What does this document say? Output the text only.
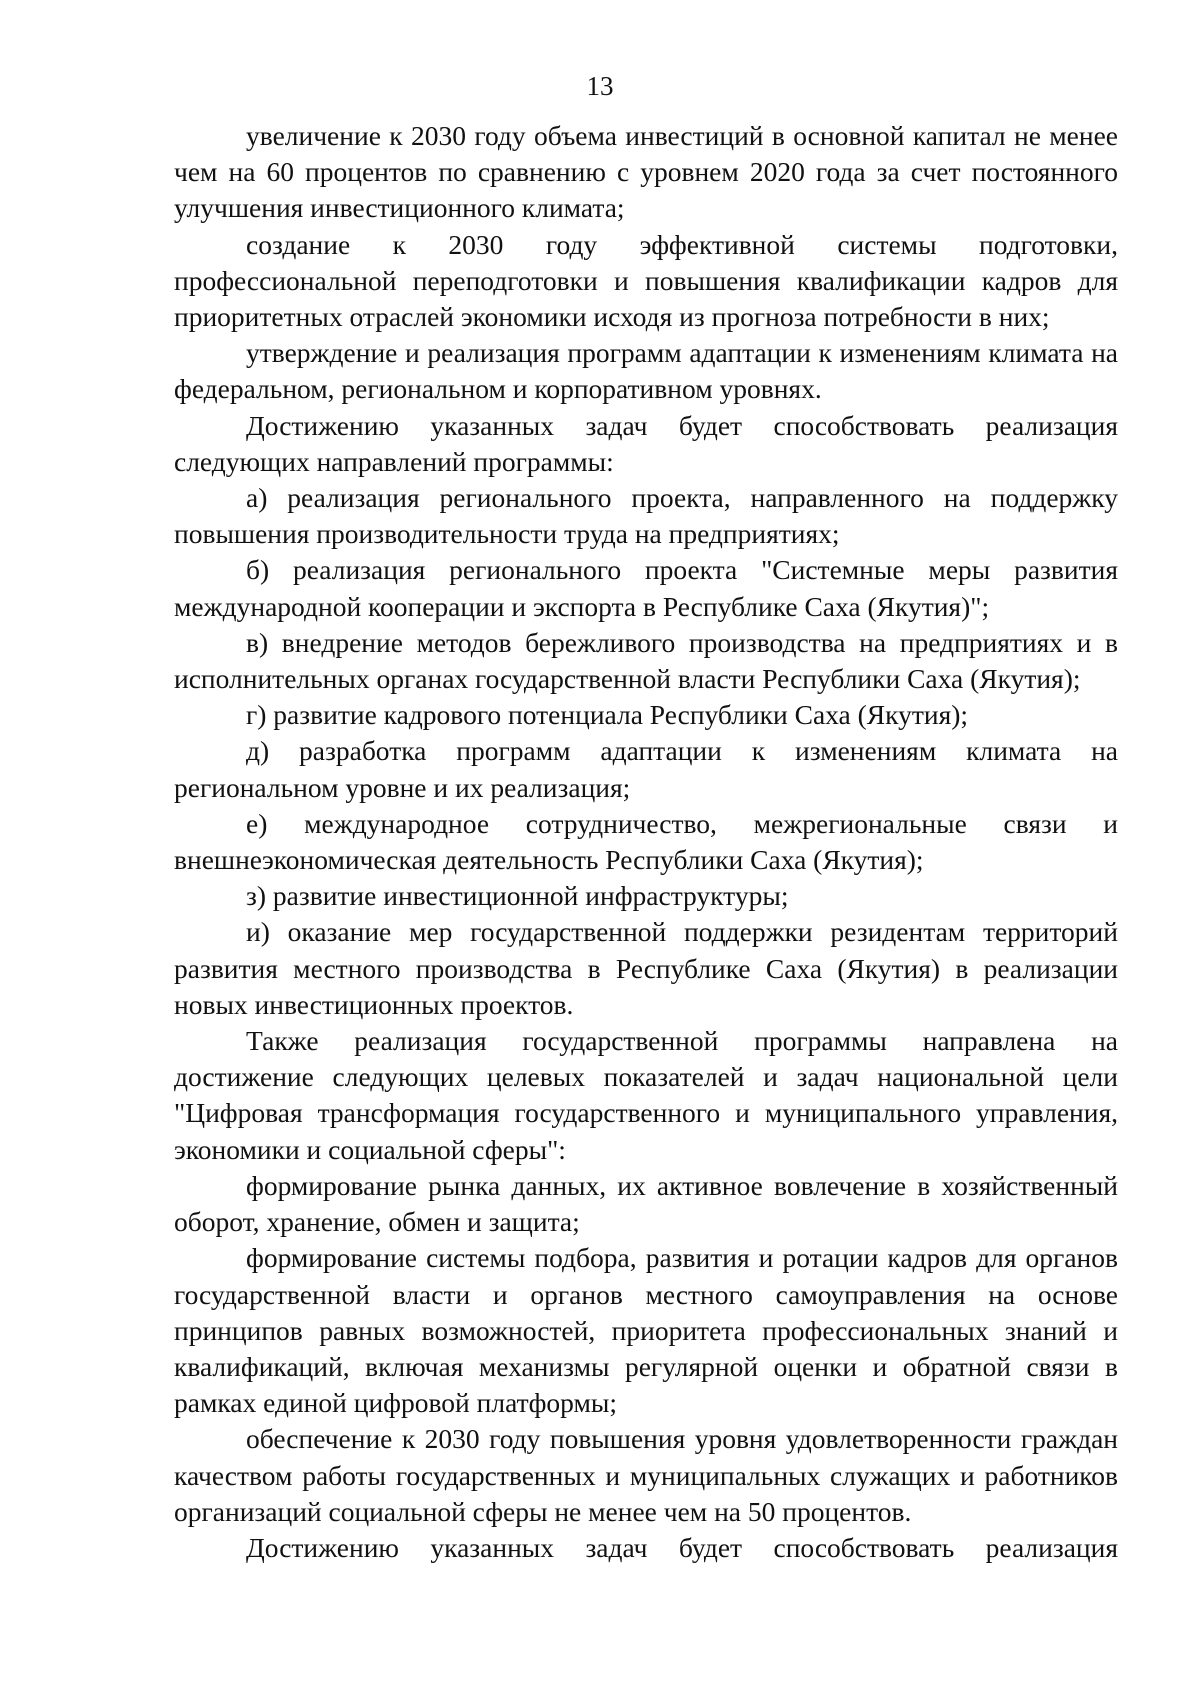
13

увеличение к 2030 году объема инвестиций в основной капитал не менее чем на 60 процентов по сравнению с уровнем 2020 года за счет постоянного улучшения инвестиционного климата;

создание к 2030 году эффективной системы подготовки, профессиональной переподготовки и повышения квалификации кадров для приоритетных отраслей экономики исходя из прогноза потребности в них;

утверждение и реализация программ адаптации к изменениям климата на федеральном, региональном и корпоративном уровнях.

Достижению указанных задач будет способствовать реализация следующих направлений программы:

а) реализация регионального проекта, направленного на поддержку повышения производительности труда на предприятиях;

б) реализация регионального проекта "Системные меры развития международной кооперации и экспорта в Республике Саха (Якутия)";

в) внедрение методов бережливого производства на предприятиях и в исполнительных органах государственной власти Республики Саха (Якутия);

г) развитие кадрового потенциала Республики Саха (Якутия);

д) разработка программ адаптации к изменениям климата на региональном уровне и их реализация;

е) международное сотрудничество, межрегиональные связи и внешнеэкономическая деятельность Республики Саха (Якутия);

з) развитие инвестиционной инфраструктуры;

и) оказание мер государственной поддержки резидентам территорий развития местного производства в Республике Саха (Якутия) в реализации новых инвестиционных проектов.

Также реализация государственной программы направлена на достижение следующих целевых показателей и задач национальной цели "Цифровая трансформация государственного и муниципального управления, экономики и социальной сферы":

формирование рынка данных, их активное вовлечение в хозяйственный оборот, хранение, обмен и защита;

формирование системы подбора, развития и ротации кадров для органов государственной власти и органов местного самоуправления на основе принципов равных возможностей, приоритета профессиональных знаний и квалификаций, включая механизмы регулярной оценки и обратной связи в рамках единой цифровой платформы;

обеспечение к 2030 году повышения уровня удовлетворенности граждан качеством работы государственных и муниципальных служащих и работников организаций социальной сферы не менее чем на 50 процентов.

Достижению указанных задач будет способствовать реализация
